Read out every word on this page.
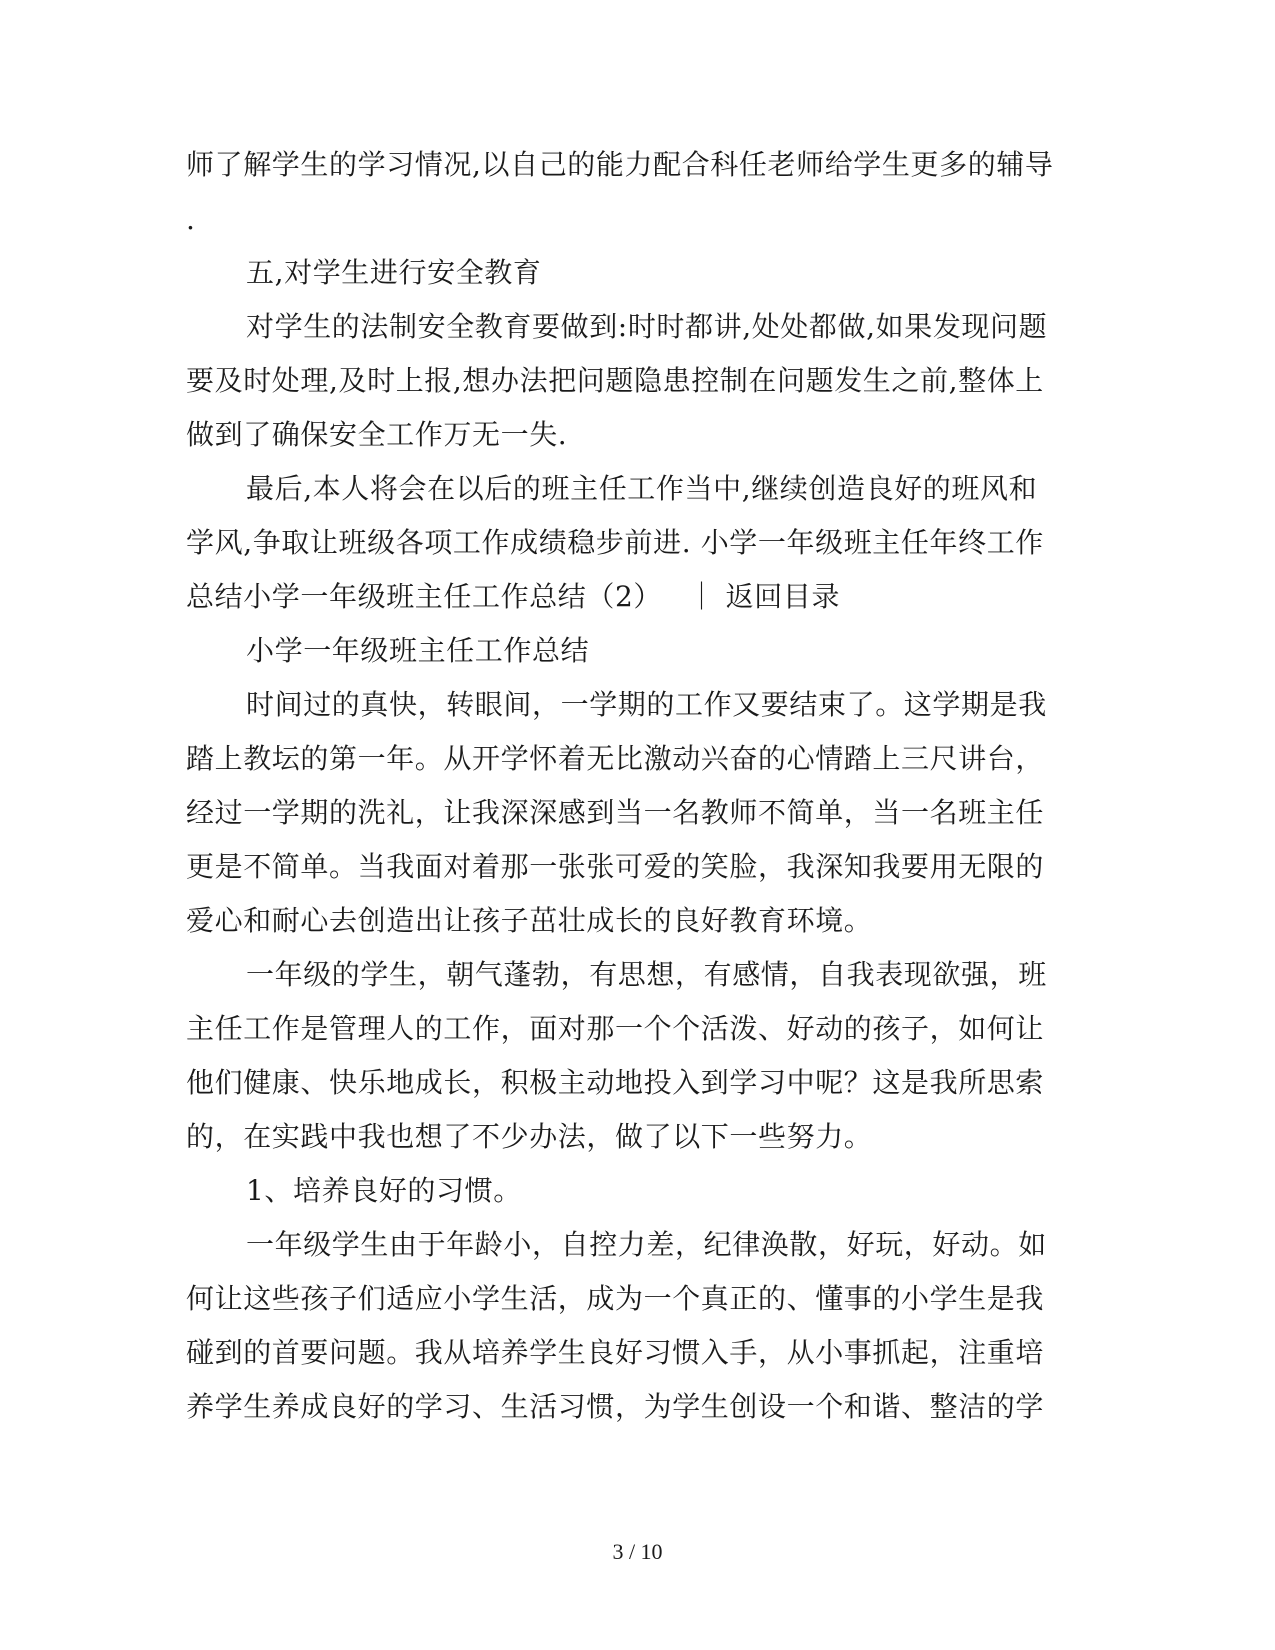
师了解学生的学习情况,以自己的能力配合科任老师给学生更多的辅导
.
五,对学生进行安全教育
对学生的法制安全教育要做到:时时都讲,处处都做,如果发现问题
要及时处理,及时上报,想办法把问题隐患控制在问题发生之前,整体上
做到了确保安全工作万无一失.
最后,本人将会在以后的班主任工作当中,继续创造良好的班风和
学风,争取让班级各项工作成绩稳步前进. 小学一年级班主任年终工作
总结小学一年级班主任工作总结（2） ｜ 返回目录
小学一年级班主任工作总结
时间过的真快，转眼间，一学期的工作又要结束了。这学期是我
踏上教坛的第一年。从开学怀着无比激动兴奋的心情踏上三尺讲台，
经过一学期的洗礼，让我深深感到当一名教师不简单，当一名班主任
更是不简单。当我面对着那一张张可爱的笑脸，我深知我要用无限的
爱心和耐心去创造出让孩子茁壮成长的良好教育环境。
一年级的学生，朝气蓬勃，有思想，有感情，自我表现欲强，班
主任工作是管理人的工作，面对那一个个活泼、好动的孩子，如何让
他们健康、快乐地成长，积极主动地投入到学习中呢？这是我所思索
的，在实践中我也想了不少办法，做了以下一些努力。
1、培养良好的习惯。
一年级学生由于年龄小，自控力差，纪律涣散，好玩，好动。如
何让这些孩子们适应小学生活，成为一个真正的、懂事的小学生是我
碰到的首要问题。我从培养学生良好习惯入手，从小事抓起，注重培
养学生养成良好的学习、生活习惯，为学生创设一个和谐、整洁的学
3 / 10
